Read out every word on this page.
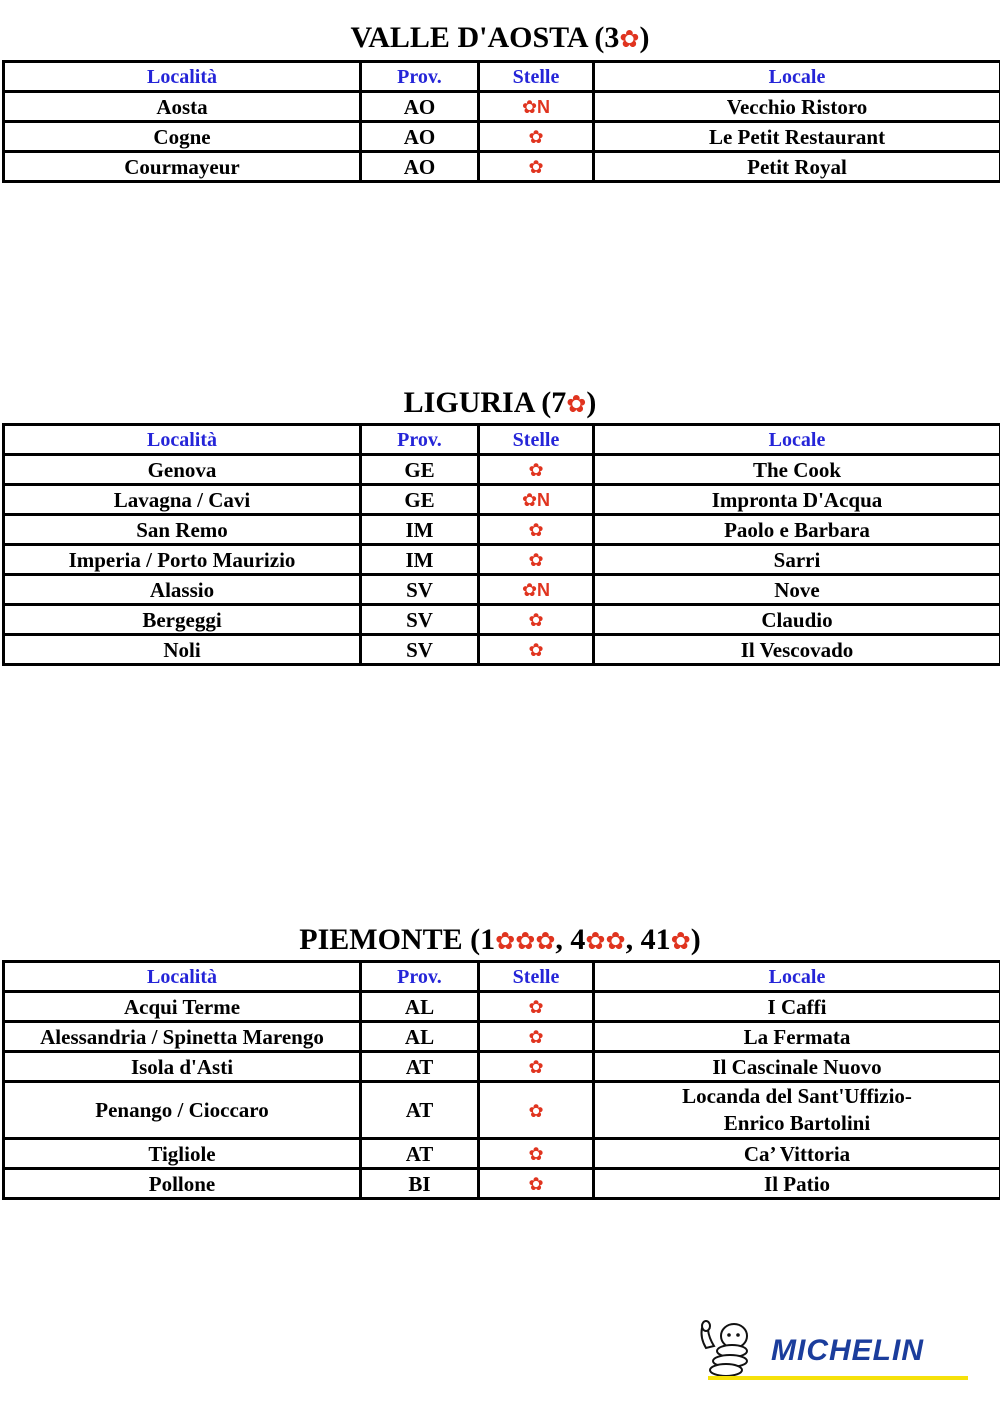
VALLE D'AOSTA (3✿)
Località	Prov.	Stelle	Locale
Aosta	AO	✿N	Vecchio Ristoro

Cogne	AO	✿	Le Petit Restaurant

Courmayeur	AO	✿	Petit Royal
LIGURIA (7✿)
Località	Prov.	Stelle	Locale
Genova	GE	✿	The Cook

Lavagna / Cavi	GE	✿N	Impronta D'Acqua

San Remo	IM	✿	Paolo e Barbara

Imperia / Porto Maurizio	IM	✿	Sarri

Alassio	SV	✿N	Nove

Bergeggi	SV	✿	Claudio

Noli	SV	✿	Il Vescovado
PIEMONTE (1✿✿✿, 4✿✿, 41✿)
Località	Prov.	Stelle	Locale
Acqui Terme	AL	✿	I Caffi

Alessandria / Spinetta Marengo	AL	✿	La Fermata

Isola d'Asti	AT	✿	Il Cascinale Nuovo

Penango / Cioccaro	AT	✿	Locanda del Sant'Uffizio-
Enrico Bartolini

Tigliole	AT	✿	Ca’ Vittoria

Pollone	BI	✿	Il Patio
MICHELIN
